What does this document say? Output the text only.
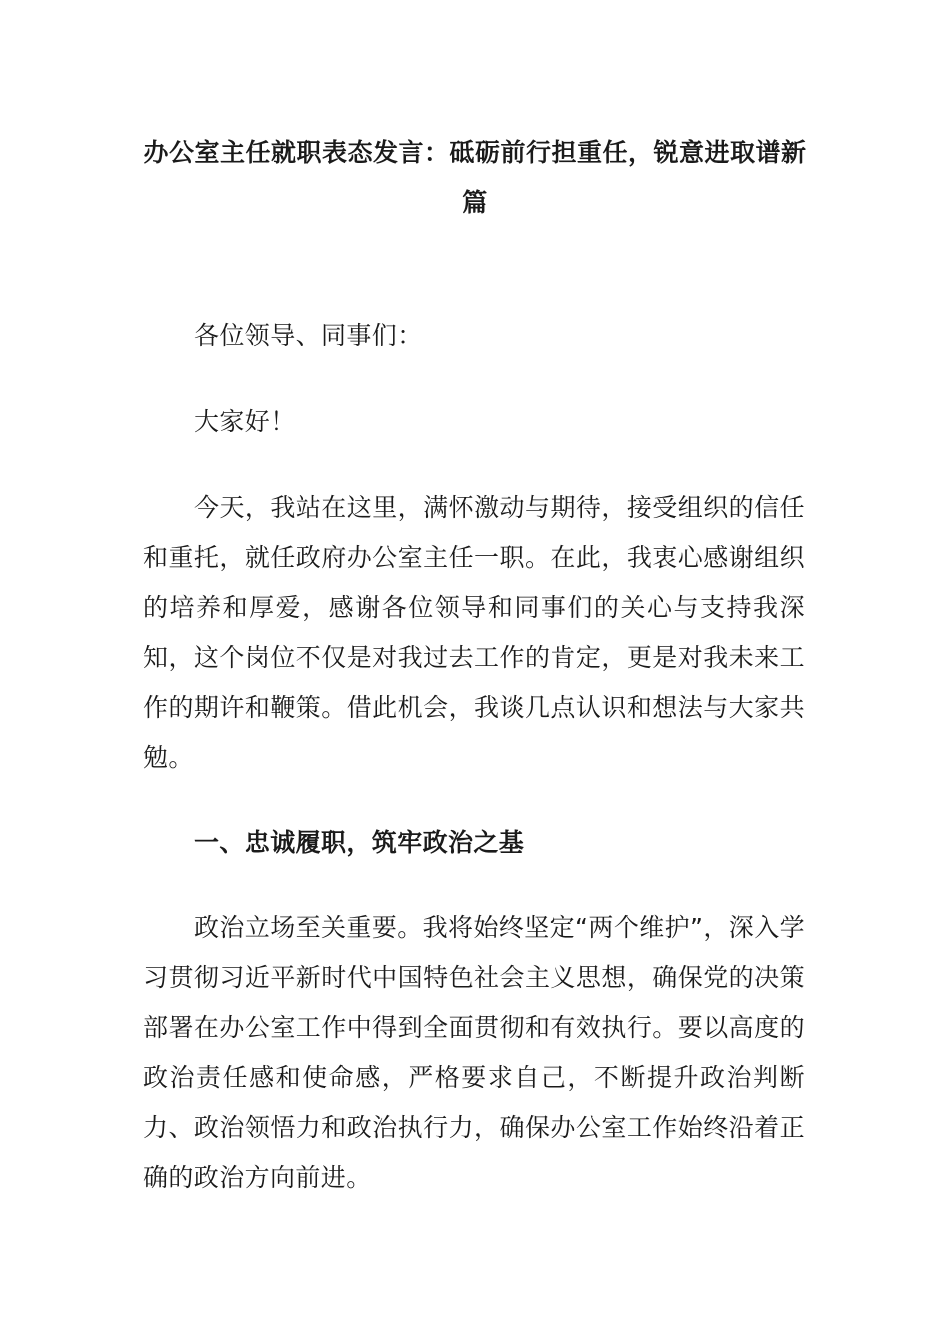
办公室主任就职表态发言：砥砺前行担重任，锐意进取谱新篇

各位领导、同事们：

大家好！

今天，我站在这里，满怀激动与期待，接受组织的信任和重托，就任政府办公室主任一职。在此，我衷心感谢组织的培养和厚爱，感谢各位领导和同事们的关心与支持我深知，这个岗位不仅是对我过去工作的肯定，更是对我未来工作的期许和鞭策。借此机会，我谈几点认识和想法与大家共勉。

一、忠诚履职，筑牢政治之基

政治立场至关重要。我将始终坚定“两个维护”，深入学习贯彻习近平新时代中国特色社会主义思想，确保党的决策部署在办公室工作中得到全面贯彻和有效执行。要以高度的政治责任感和使命感，严格要求自己，不断提升政治判断力、政治领悟力和政治执行力，确保办公室工作始终沿着正确的政治方向前进。
